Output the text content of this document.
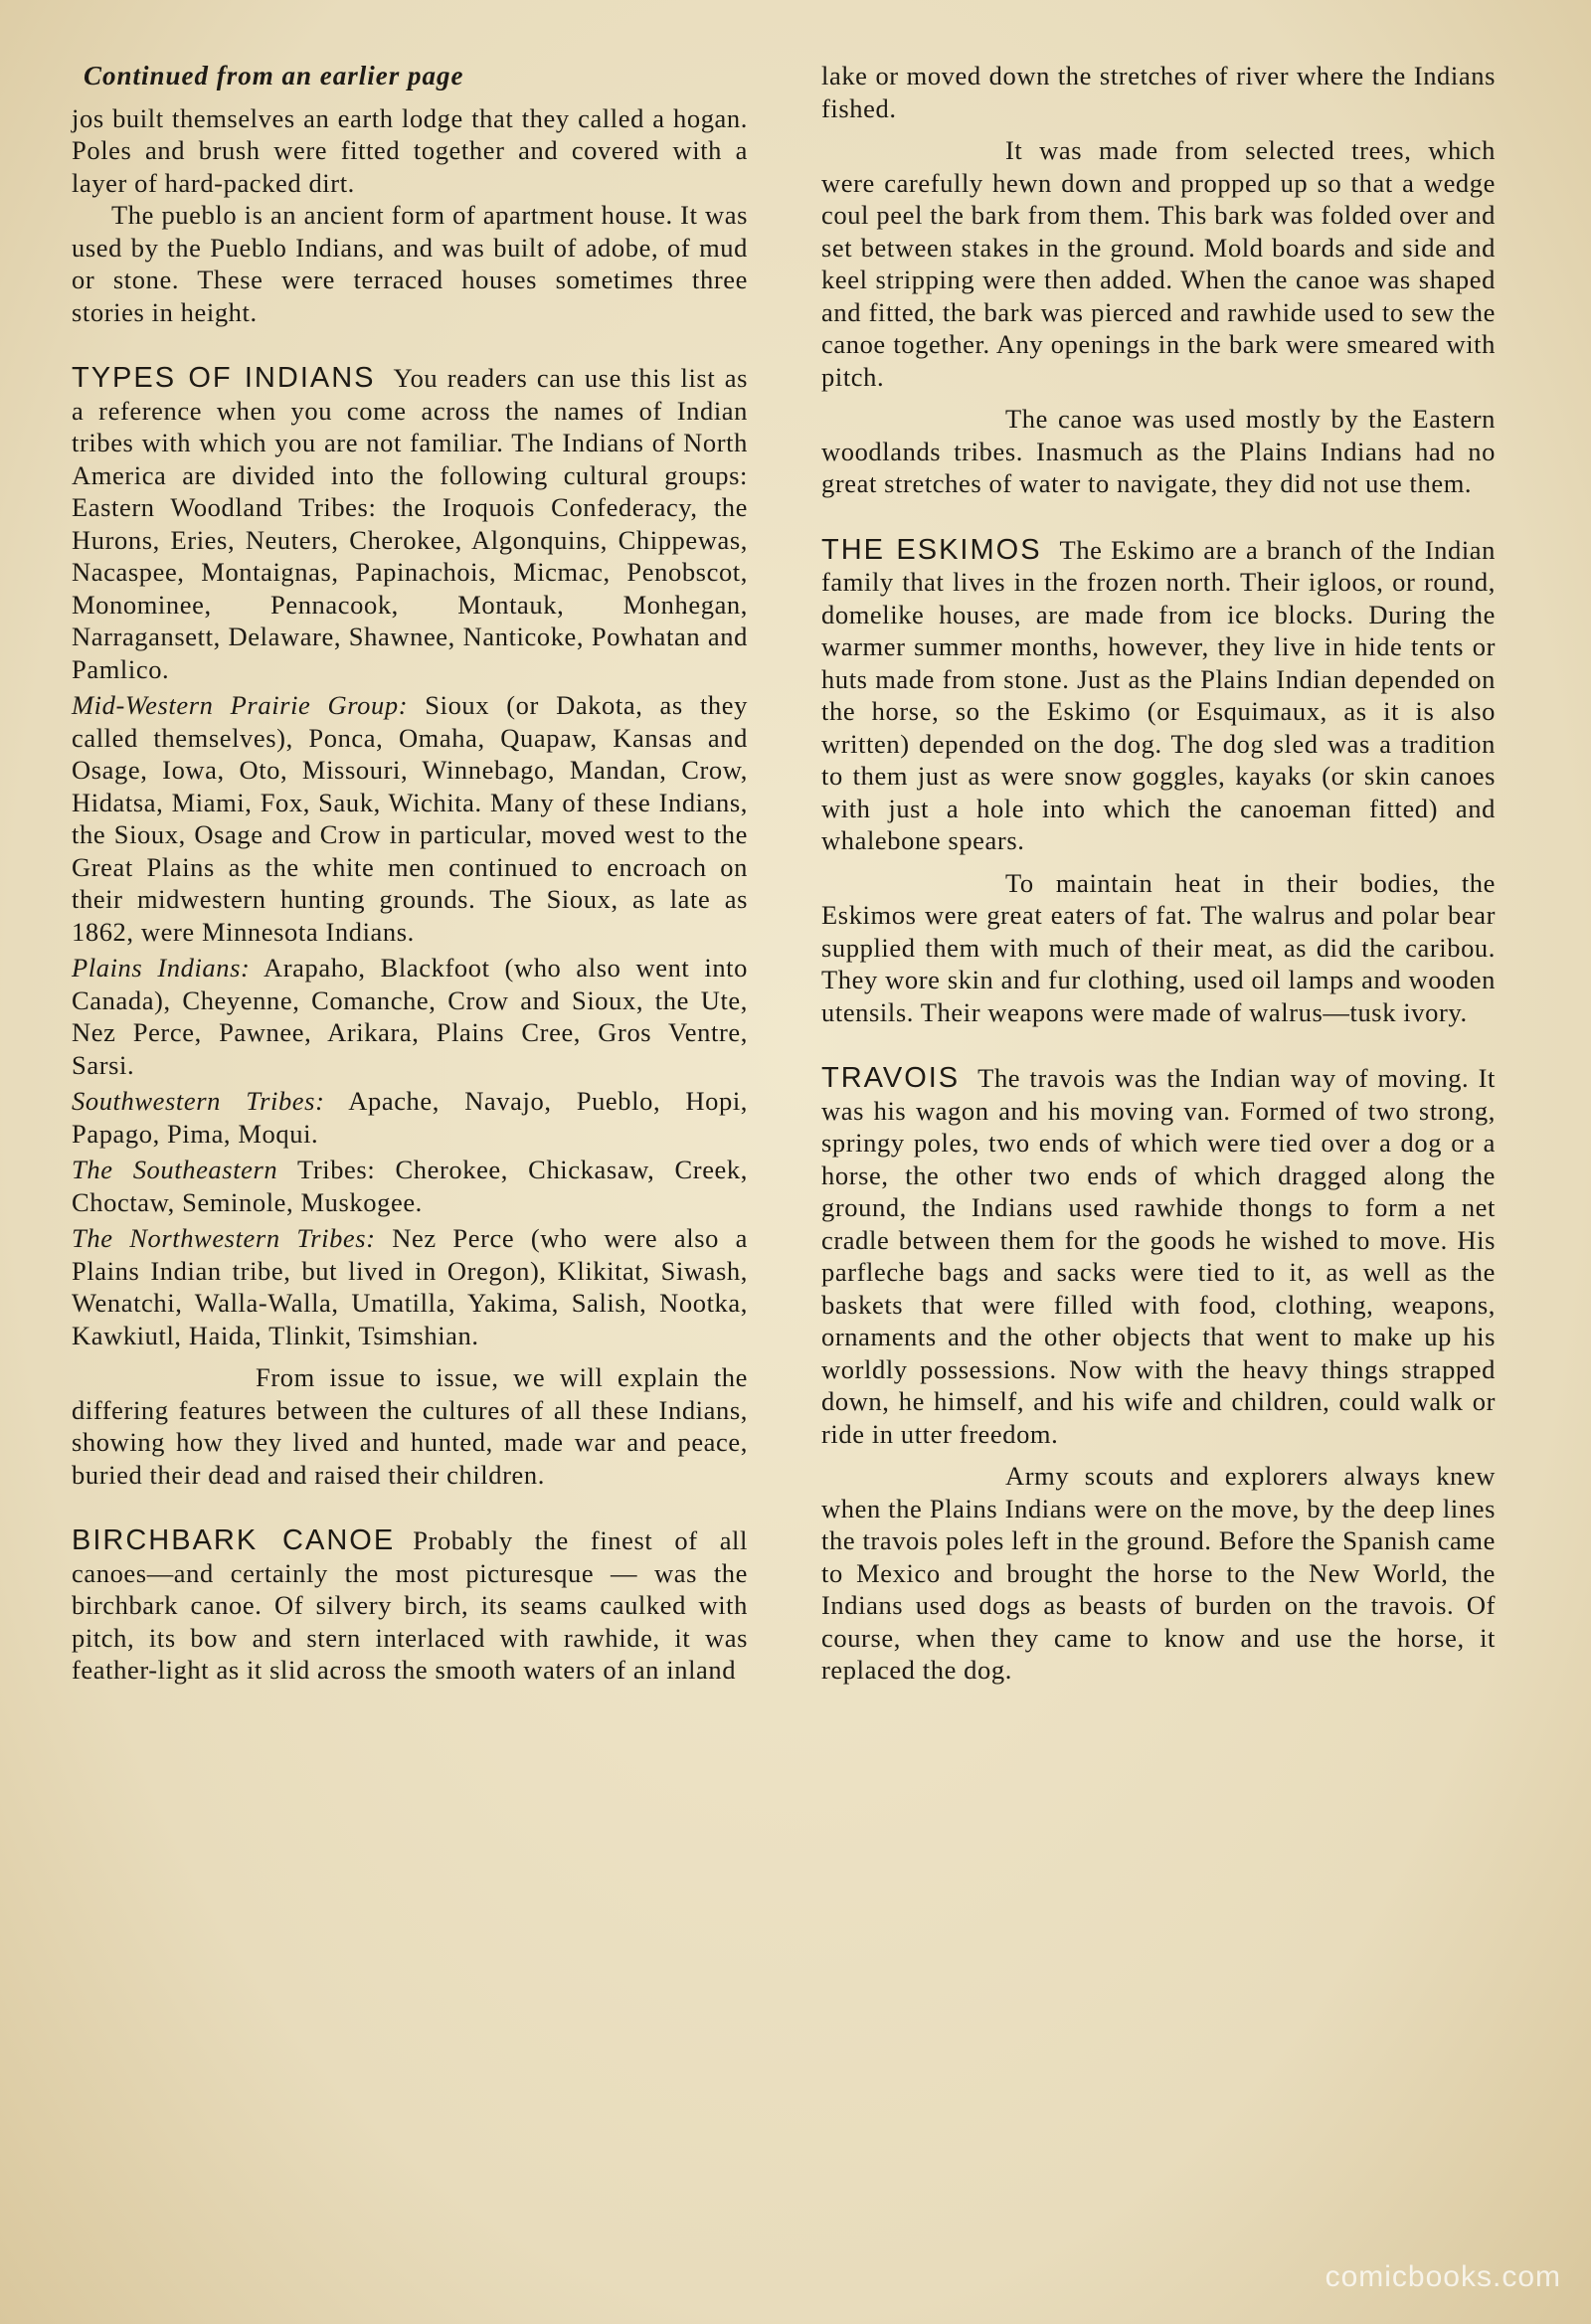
Continued from an earlier page

jos built themselves an earth lodge that they called a hogan. Poles and brush were fitted together and covered with a layer of hard-packed dirt.

The pueblo is an ancient form of apartment house. It was used by the Pueblo Indians, and was built of adobe, of mud or stone. These were terraced houses sometimes three stories in height.

TYPES OF INDIANS You readers can use this list as a reference when you come across the names of Indian tribes with which you are not familiar. The Indians of North America are divided into the following cultural groups: Eastern Woodland Tribes: the Iroquois Confederacy, the Hurons, Eries, Neuters, Cherokee, Algonquins, Chippewas, Nacaspee, Montaignas, Papinachois, Micmac, Penobscot, Monominee, Pennacook, Montauk, Monhegan, Narragansett, Delaware, Shawnee, Nanticoke, Powhatan and Pamlico.

Mid-Western Prairie Group: Sioux (or Dakota, as they called themselves), Ponca, Omaha, Quapaw, Kansas and Osage, Iowa, Oto, Missouri, Winnebago, Mandan, Crow, Hidatsa, Miami, Fox, Sauk, Wichita. Many of these Indians, the Sioux, Osage and Crow in particular, moved west to the Great Plains as the white men continued to encroach on their midwestern hunting grounds. The Sioux, as late as 1862, were Minnesota Indians.

Plains Indians: Arapaho, Blackfoot (who also went into Canada), Cheyenne, Comanche, Crow and Sioux, the Ute, Nez Perce, Pawnee, Arikara, Plains Cree, Gros Ventre, Sarsi.

Southwestern Tribes: Apache, Navajo, Pueblo, Hopi, Papago, Pima, Moqui.

The Southeastern Tribes: Cherokee, Chickasaw, Creek, Choctaw, Seminole, Muskogee.

The Northwestern Tribes: Nez Perce (who were also a Plains Indian tribe, but lived in Oregon), Klikitat, Siwash, Wenatchi, Walla-Walla, Umatilla, Yakima, Salish, Nootka, Kawkiutl, Haida, Tlinkit, Tsimshian.

From issue to issue, we will explain the differing features between the cultures of all these Indians, showing how they lived and hunted, made war and peace, buried their dead and raised their children.

BIRCHBARK CANOE Probably the finest of all canoes—and certainly the most picturesque — was the birchbark canoe. Of silvery birch, its seams caulked with pitch, its bow and stern interlaced with rawhide, it was feather-light as it slid across the smooth waters of an inland

lake or moved down the stretches of river where the Indians fished.

It was made from selected trees, which were carefully hewn down and propped up so that a wedge coul peel the bark from them. This bark was folded over and set between stakes in the ground. Mold boards and side and keel stripping were then added. When the canoe was shaped and fitted, the bark was pierced and rawhide used to sew the canoe together. Any openings in the bark were smeared with pitch.

The canoe was used mostly by the Eastern woodlands tribes. Inasmuch as the Plains Indians had no great stretches of water to navigate, they did not use them.

THE ESKIMOS The Eskimo are a branch of the Indian family that lives in the frozen north. Their igloos, or round, domelike houses, are made from ice blocks. During the warmer summer months, however, they live in hide tents or huts made from stone. Just as the Plains Indian depended on the horse, so the Eskimo (or Esquimaux, as it is also written) depended on the dog. The dog sled was a tradition to them just as were snow goggles, kayaks (or skin canoes with just a hole into which the canoeman fitted) and whalebone spears.

To maintain heat in their bodies, the Eskimos were great eaters of fat. The walrus and polar bear supplied them with much of their meat, as did the caribou. They wore skin and fur clothing, used oil lamps and wooden utensils. Their weapons were made of walrus—tusk ivory.

TRAVOIS The travois was the Indian way of moving. It was his wagon and his moving van. Formed of two strong, springy poles, two ends of which were tied over a dog or a horse, the other two ends of which dragged along the ground, the Indians used rawhide thongs to form a net cradle between them for the goods he wished to move. His parfleche bags and sacks were tied to it, as well as the baskets that were filled with food, clothing, weapons, ornaments and the other objects that went to make up his worldly possessions. Now with the heavy things strapped down, he himself, and his wife and children, could walk or ride in utter freedom.

Army scouts and explorers always knew when the Plains Indians were on the move, by the deep lines the travois poles left in the ground. Before the Spanish came to Mexico and brought the horse to the New World, the Indians used dogs as beasts of burden on the travois. Of course, when they came to know and use the horse, it replaced the dog.

comicbooks.com
